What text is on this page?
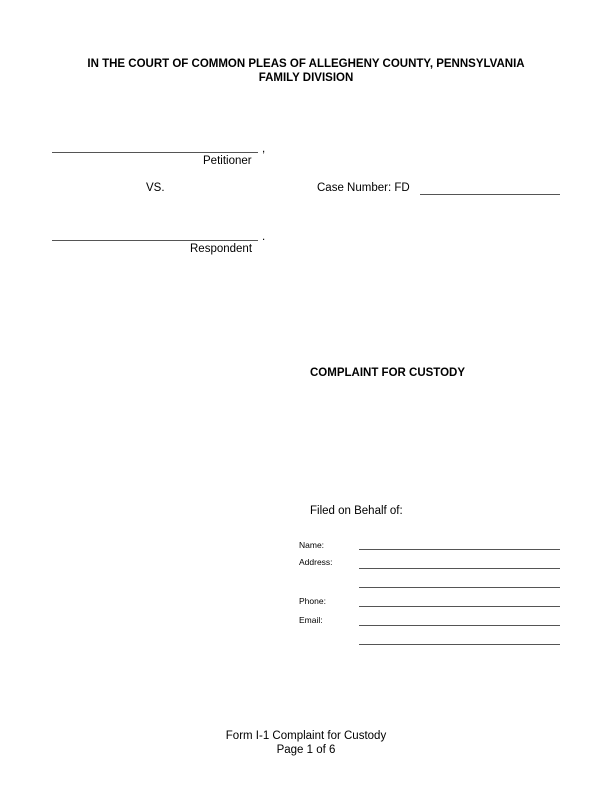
IN THE COURT OF COMMON PLEAS OF ALLEGHENY COUNTY, PENNSYLVANIA
FAMILY DIVISION
,
Petitioner
VS.	Case Number: FD
.
Respondent
COMPLAINT FOR CUSTODY
Filed on Behalf of:
Name:
Address:
Phone:
Email:
Form I-1 Complaint for Custody
Page 1 of 6
